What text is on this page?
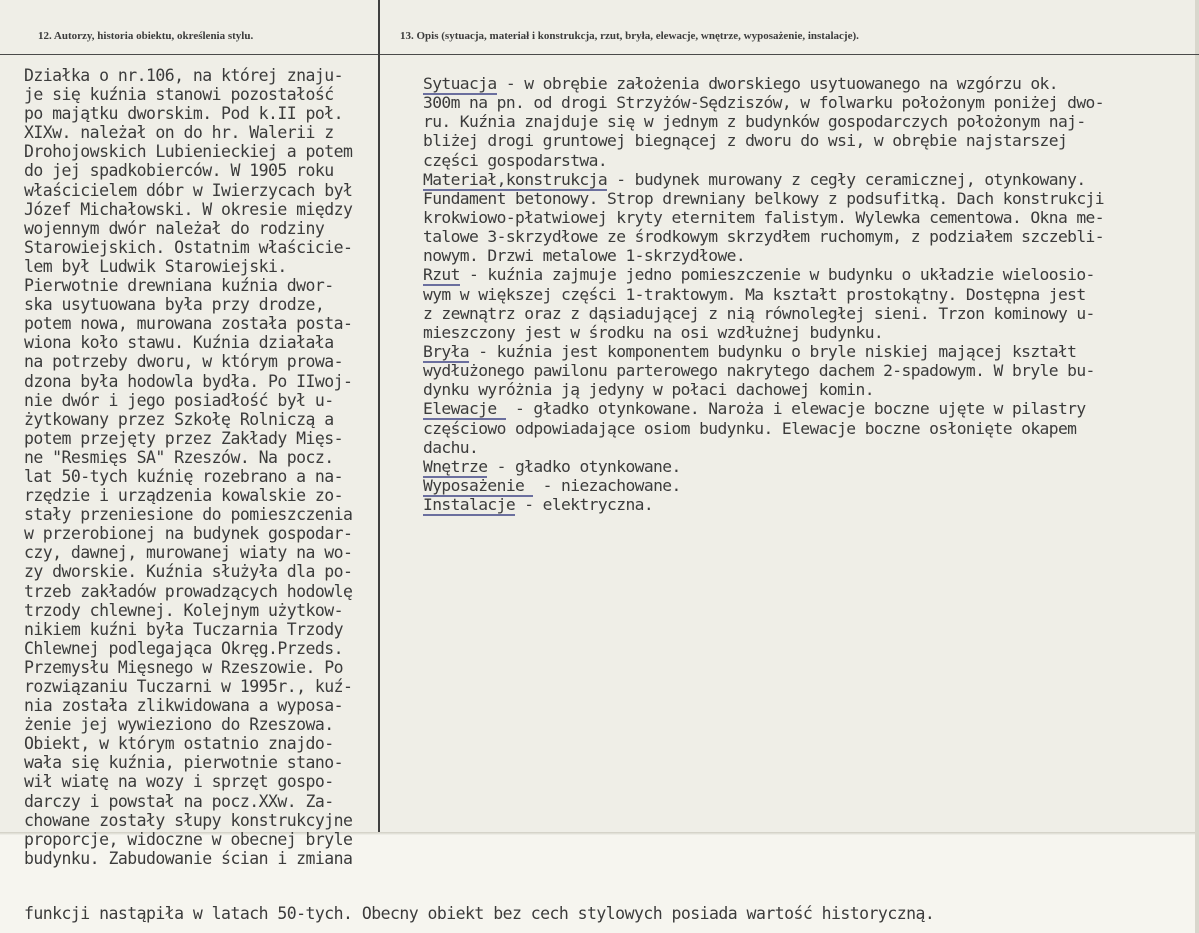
12. Autorzy, historia obiektu, określenia stylu.	13. Opis (sytuacja, materiał i konstrukcja, rzut, bryła, elewacje, wnętrze, wyposażenie, instalacje).
Działka o nr.106, na której znaju-
je się kuźnia stanowi pozostałość
po majątku dworskim. Pod k.II poł.
XIXw. należał on do hr. Walerii z
Drohojowskich Lubienieckiej a potem
do jej spadkobierców. W 1905 roku
właścicielem dóbr w Iwierzycach był
Józef Michałowski. W okresie między
wojennym dwór należał do rodziny
Starowiejskich. Ostatnim właściciе-
lem był Ludwik Starowiejski.
Pierwotnie drewniana kuźnia dwor-
ska usytuowana była przy drodze,
potem nowa, murowana została posta-
wiona koło stawu. Kuźnia działała
na potrzeby dworu, w którym prowa-
dzona była hodowla bydła. Po IIwoj-
nie dwór i jego posiadłość był u-
żytkowany przez Szkołę Rolniczą a
potem przejęty przez Zakłady Mięs-
ne "Resmięs SA" Rzeszów. Na pocz.
lat 50-tych kuźnię rozebrano a na-
rzędzie i urządzenia kowalskie zo-
stały przeniesione do pomieszczenia
w przerobionej na budynek gospodar-
czy, dawnej, murowanej wiaty na wo-
zy dworskie. Kuźnia służyła dla po-
trzeb zakładów prowadzących hodowlę
trzody chlewnej. Kolejnym użytkow-
nikiem kuźni była Tuczarnia Trzody
Chlewnej podlegająca Okręg.Przeds.
Przemysłu Mięsnego w Rzeszowie. Po
rozwiązaniu Tuczarni w 1995r., kuź-
nia została zlikwidowana a wyposa-
żenie jej wywieziono do Rzeszowa.
Obiekt, w którym ostatnio znajdo-
wała się kuźnia, pierwotnie stano-
wił wiatę na wozy i sprzęt gospo-
darczy i powstał na pocz.XXw. Za-
chowane zostały słupy konstrukcyjne
proporcje, widoczne w obecnej bryle
budynku. Zabudowanie ścian i zmiana
funkcji nastąpiła w latach 50-tych. Obecny obiekt bez cech stylowych posiada wartość historyczną.
Sytuacja - w obrębie założenia dworskiego usytuowanego na wzgórzu ok.
300m na pn. od drogi Strzyżów-Sędziszów, w folwarku położonym poniżej dwo-
ru. Kuźnia znajduje się w jednym z budynków gospodarczych położonym naj-
bliżej drogi gruntowej biegnącej z dworu do wsi, w obrębie najstarszej
części gospodarstwa.
Materiał,konstrukcja - budynek murowany z cegły ceramicznej, otynkowany.
Fundament betonowy. Strop drewniany belkowy z podsufitką. Dach konstrukcji
krokwiowo-płatwiowej kryty eternitem falistym. Wylewka cementowa. Okna me-
talowe 3-skrzydłowe ze środkowym skrzydłem ruchomym, z podziałem szczebli-
nowym. Drzwi metalowe 1-skrzydłowe.
Rzut - kuźnia zajmuje jedno pomieszczenie w budynku o układzie wieloosio-
wym w większej części 1-traktowym. Ma kształt prostokątny. Dostępna jest
z zewnątrz oraz z dąsiadującej z nią równoległej sieni. Trzon kominowy u-
mieszczony jest w środku na osi wzdłużnej budynku.
Bryła - kuźnia jest komponentem budynku o bryle niskiej mającej kształt
wydłużonego pawilonu parterowego nakrytego dachem 2-spadowym. W bryle bu-
dynku wyróżnia ją jedyny w połaci dachowej komin.
Elewacje  - gładko otynkowane. Naroża i elewacje boczne ujęte w pilastry
częściowo odpowiadające osiom budynku. Elewacje boczne osłonięte okapem
dachu.
Wnętrze - gładko otynkowane.
Wyposażenie  - niezachowane.
Instalacje - elektryczna.
